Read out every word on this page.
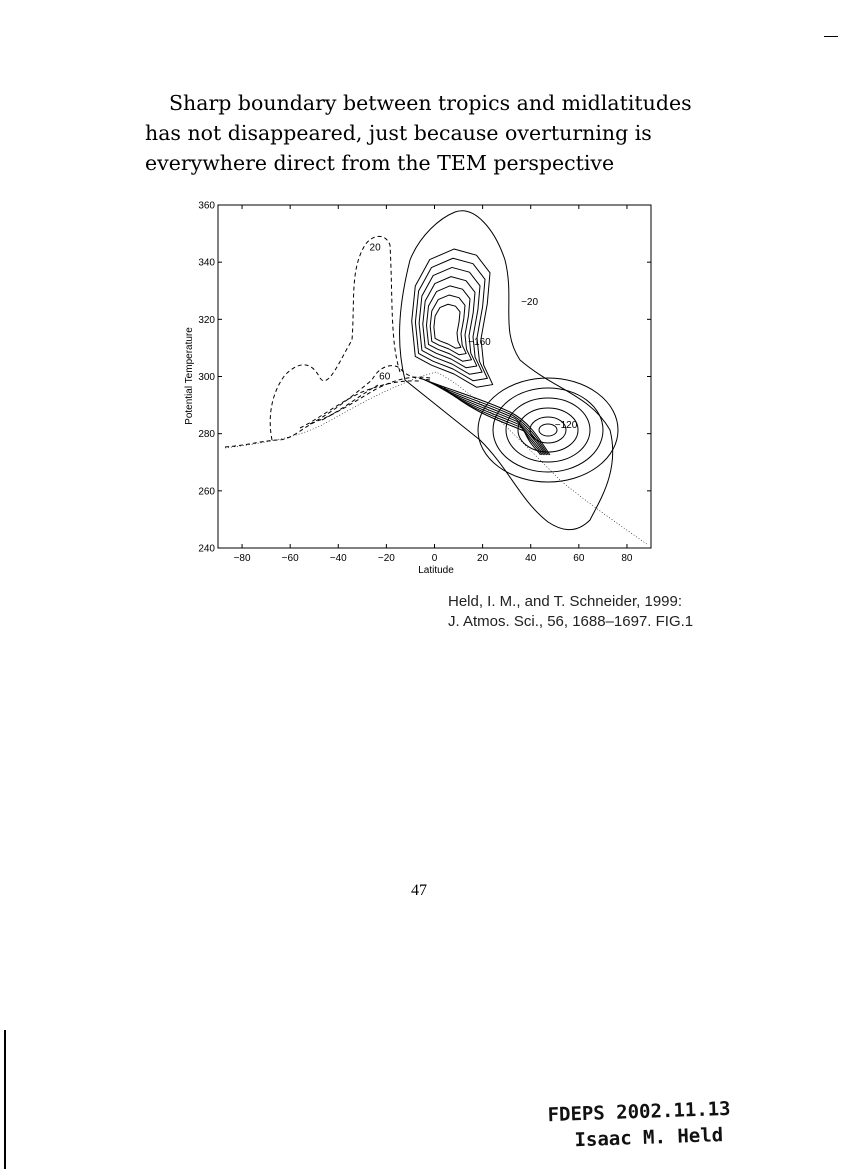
Sharp boundary between tropics and midlatitudes has not disappeared, just because overturning is everywhere direct from the TEM perspective

−80	−60	−40	−20	0	20	40	60	80
240
260
280
300
320
340
360
20
60
−20
−160
−120
Latitude
Potential Temperature
Held, I. M., and T. Schneider, 1999:
J. Atmos. Sci., 56, 1688–1697. FIG.1
47
FDEPS 2002.11.13
Isaac M. Held
